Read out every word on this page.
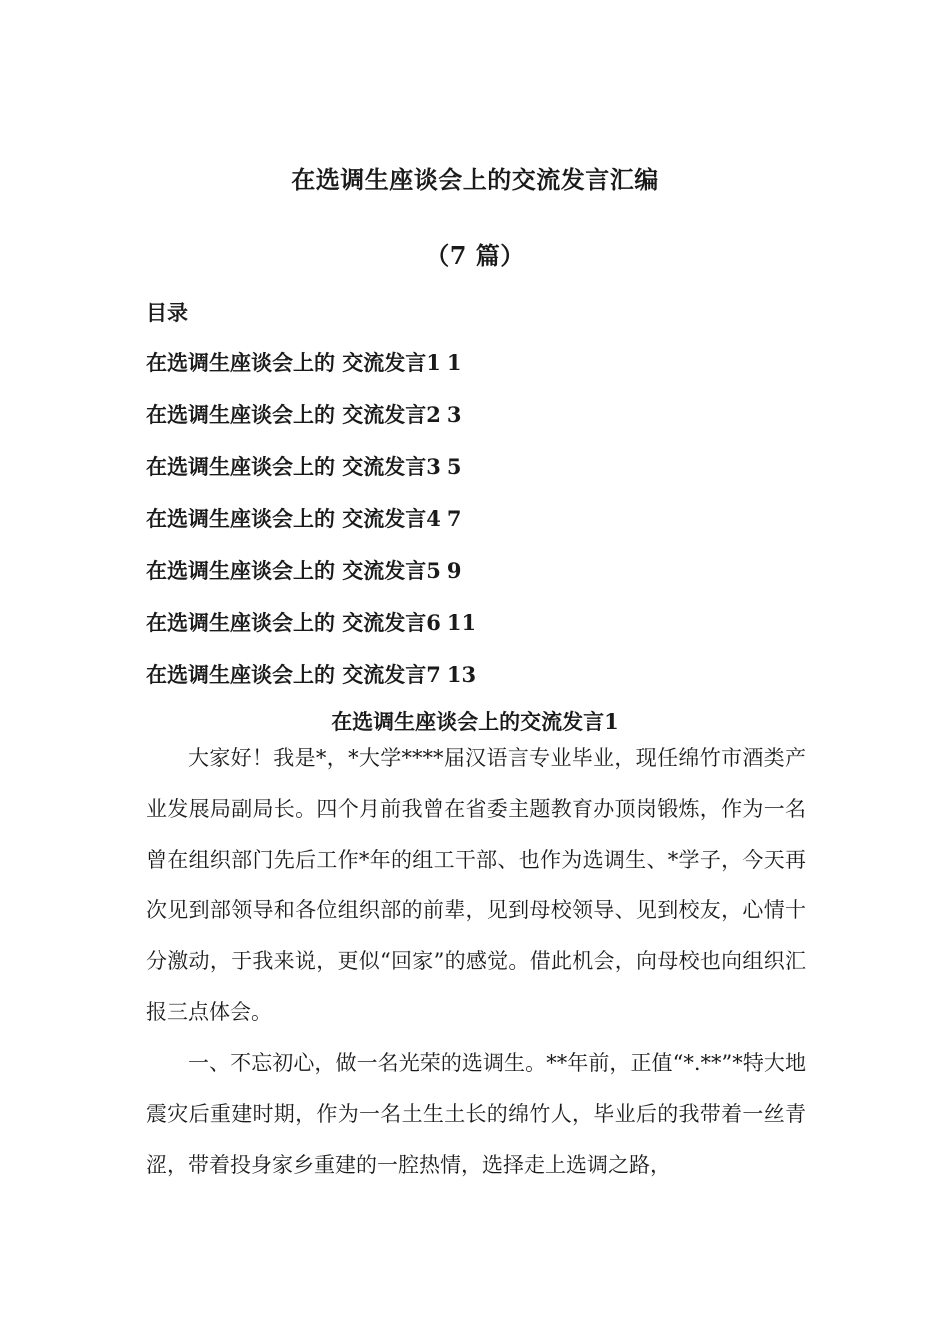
在选调生座谈会上的交流发言汇编
（7 篇）
目录
在选调生座谈会上的 交流发言1 1
在选调生座谈会上的 交流发言2 3
在选调生座谈会上的 交流发言3 5
在选调生座谈会上的 交流发言4 7
在选调生座谈会上的 交流发言5 9
在选调生座谈会上的 交流发言6 11
在选调生座谈会上的 交流发言7 13
在选调生座谈会上的交流发言1

大家好！我是*，*大学****届汉语言专业毕业，现任绵竹市酒类产业发展局副局长。四个月前我曾在省委主题教育办顶岗锻炼，作为一名曾在组织部门先后工作*年的组工干部、也作为选调生、*学子，今天再次见到部领导和各位组织部的前辈，见到母校领导、见到校友，心情十分激动，于我来说，更似“回家”的感觉。借此机会，向母校也向组织汇报三点体会。

一、不忘初心，做一名光荣的选调生。**年前，正值“*.**”*特大地震灾后重建时期，作为一名土生土长的绵竹人，毕业后的我带着一丝青涩，带着投身家乡重建的一腔热情，选择走上选调之路，
